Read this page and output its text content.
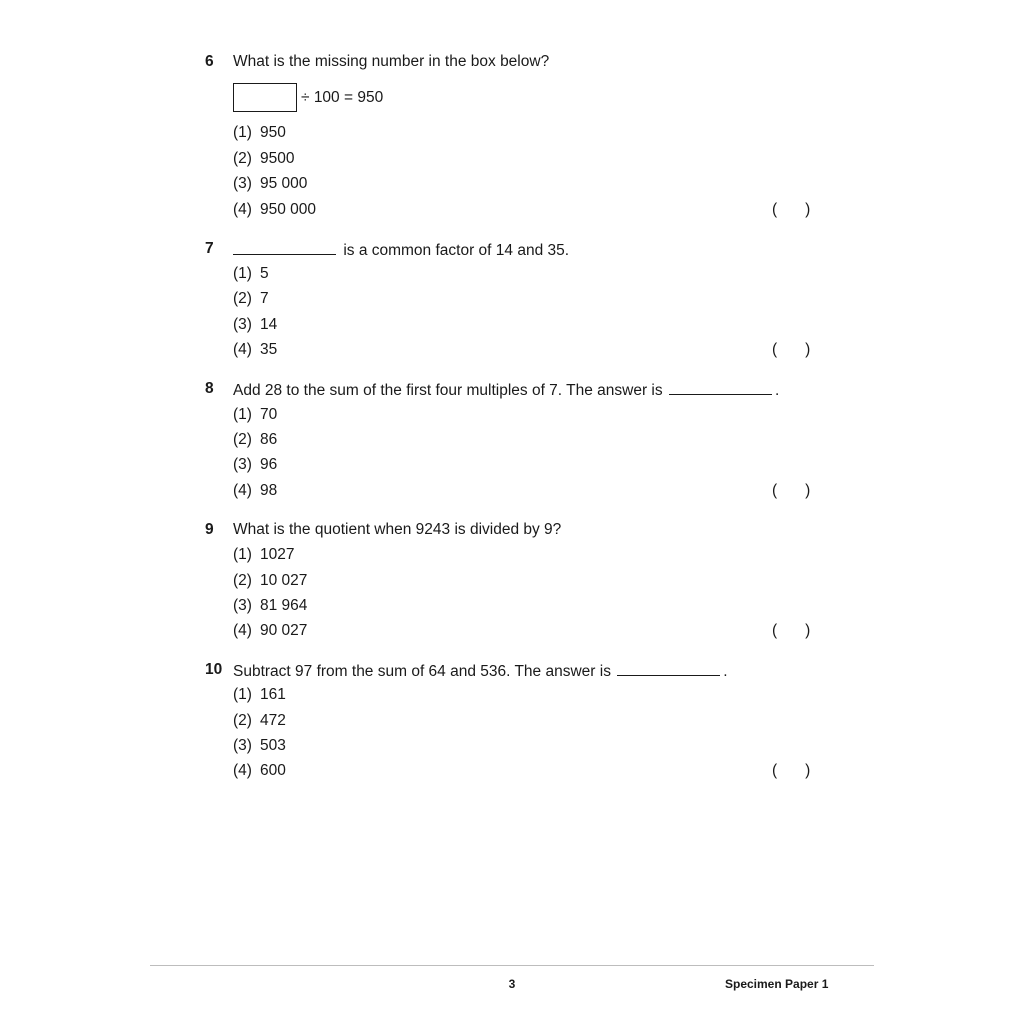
6 What is the missing number in the box below?
÷ 100 = 950
(1) 950
(2) 9500
(3) 95 000
(4) 950 000	( )
7	is a common factor of 14 and 35.
(1) 5
(2) 7
(3) 14
(4) 35	( )
8 Add 28 to the sum of the first four multiples of 7. The answer is	.
(1) 70
(2) 86
(3) 96
(4) 98	( )
9 What is the quotient when 9243 is divided by 9?
(1) 1027
(2) 10 027
(3) 81 964
(4) 90 027	( )
10 Subtract 97 from the sum of 64 and 536. The answer is	.
(1) 161
(2) 472
(3) 503
(4) 600	( )
3	Specimen Paper 1
